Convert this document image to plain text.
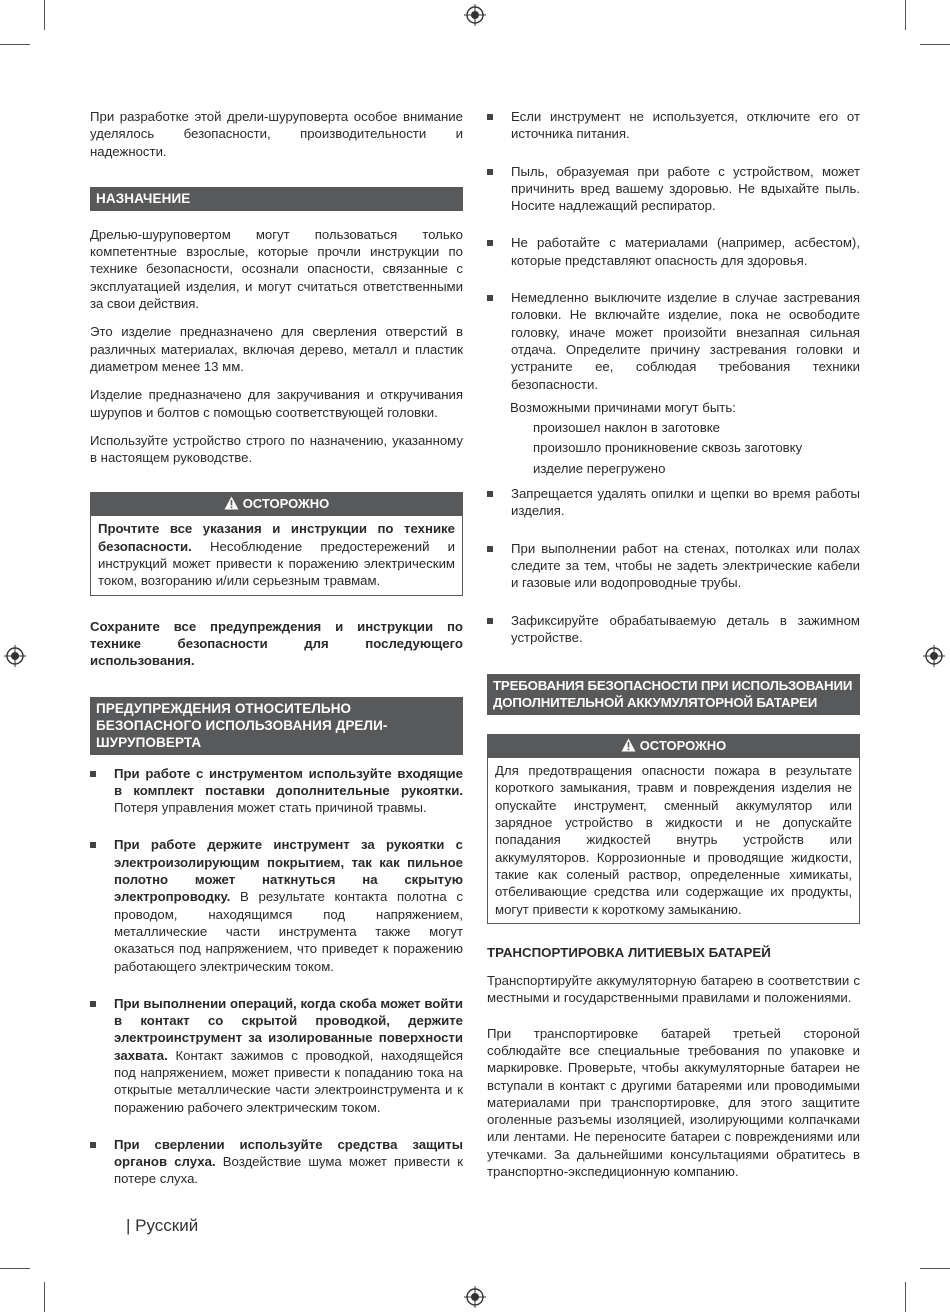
При разработке этой дрели-шуруповерта особое внимание уделялось безопасности, производительности и надежности.

НАЗНАЧЕНИЕ

Дрелью-шуруповертом могут пользоваться только компетентные взрослые, которые прочли инструкции по технике безопасности, осознали опасности, связанные с эксплуатацией изделия, и могут считаться ответственными за свои действия.

Это изделие предназначено для сверления отверстий в различных материалах, включая дерево, металл и пластик диаметром менее 13 мм.

Изделие предназначено для закручивания и откручивания шурупов и болтов с помощью соответствующей головки.

Используйте устройство строго по назначению, указанному в настоящем руководстве.

ОСТОРОЖНО
Прочтите все указания и инструкции по технике безопасности. Несоблюдение предостережений и инструкций может привести к поражению электрическим током, возгоранию и/или серьезным травмам.

Сохраните все предупреждения и инструкции по технике безопасности для последующего использования.

ПРЕДУПРЕЖДЕНИЯ ОТНОСИТЕЛЬНО БЕЗОПАСНОГО ИСПОЛЬЗОВАНИЯ ДРЕЛИ-ШУРУПОВЕРТА
При работе с инструментом используйте входящие в комплект поставки дополнительные рукоятки. Потеря управления может стать причиной травмы.
При работе держите инструмент за рукоятки с электроизолирующим покрытием, так как пильное полотно может наткнуться на скрытую электропроводку. В результате контакта полотна с проводом, находящимся под напряжением, металлические части инструмента также могут оказаться под напряжением, что приведет к поражению работающего электрическим током.
При выполнении операций, когда скоба может войти в контакт со скрытой проводкой, держите электроинструмент за изолированные поверхности захвата. Контакт зажимов с проводкой, находящейся под напряжением, может привести к попаданию тока на открытые металлические части электроинструмента и к поражению рабочего электрическим током.
При сверлении используйте средства защиты органов слуха. Воздействие шума может привести к потере слуха.
Если инструмент не используется, отключите его от источника питания.
Пыль, образуемая при работе с устройством, может причинить вред вашему здоровью. Не вдыхайте пыль. Носите надлежащий респиратор.
Не работайте с материалами (например, асбестом), которые представляют опасность для здоровья.
Немедленно выключите изделие в случае застревания головки. Не включайте изделие, пока не освободите головку, иначе может произойти внезапная сильная отдача. Определите причину застревания головки и устраните ее, соблюдая требования техники безопасности.

Возможными причинами могут быть:

произошел наклон в заготовке

произошло проникновение сквозь заготовку

изделие перегружено

Запрещается удалять опилки и щепки во время работы изделия.
При выполнении работ на стенах, потолках или полах следите за тем, чтобы не задеть электрические кабели и газовые или водопроводные трубы.
Зафиксируйте обрабатываемую деталь в зажимном устройстве.
ТРЕБОВАНИЯ БЕЗОПАСНОСТИ ПРИ ИСПОЛЬЗОВАНИИ ДОПОЛНИТЕЛЬНОЙ АККУМУЛЯТОРНОЙ БАТАРЕИ
ОСТОРОЖНО
Для предотвращения опасности пожара в результате короткого замыкания, травм и повреждения изделия не опускайте инструмент, сменный аккумулятор или зарядное устройство в жидкости и не допускайте попадания жидкостей внутрь устройств или аккумуляторов. Коррозионные и проводящие жидкости, такие как соленый раствор, определенные химикаты, отбеливающие средства или содержащие их продукты, могут привести к короткому замыканию.
ТРАНСПОРТИРОВКА ЛИТИЕВЫХ БАТАРЕЙ

Транспортируйте аккумуляторную батарею в соответствии с местными и государственными правилами и положениями.

При транспортировке батарей третьей стороной соблюдайте все специальные требования по упаковке и маркировке. Проверьте, чтобы аккумуляторные батареи не вступали в контакт с другими батареями или проводимыми материалами при транспортировке, для этого защитите оголенные разъемы изоляцией, изолирующими колпачками или лентами. Не переносите батареи с повреждениями или утечками. За дальнейшими консультациями обратитесь в транспортно-экспедиционную компанию.

| Русский
